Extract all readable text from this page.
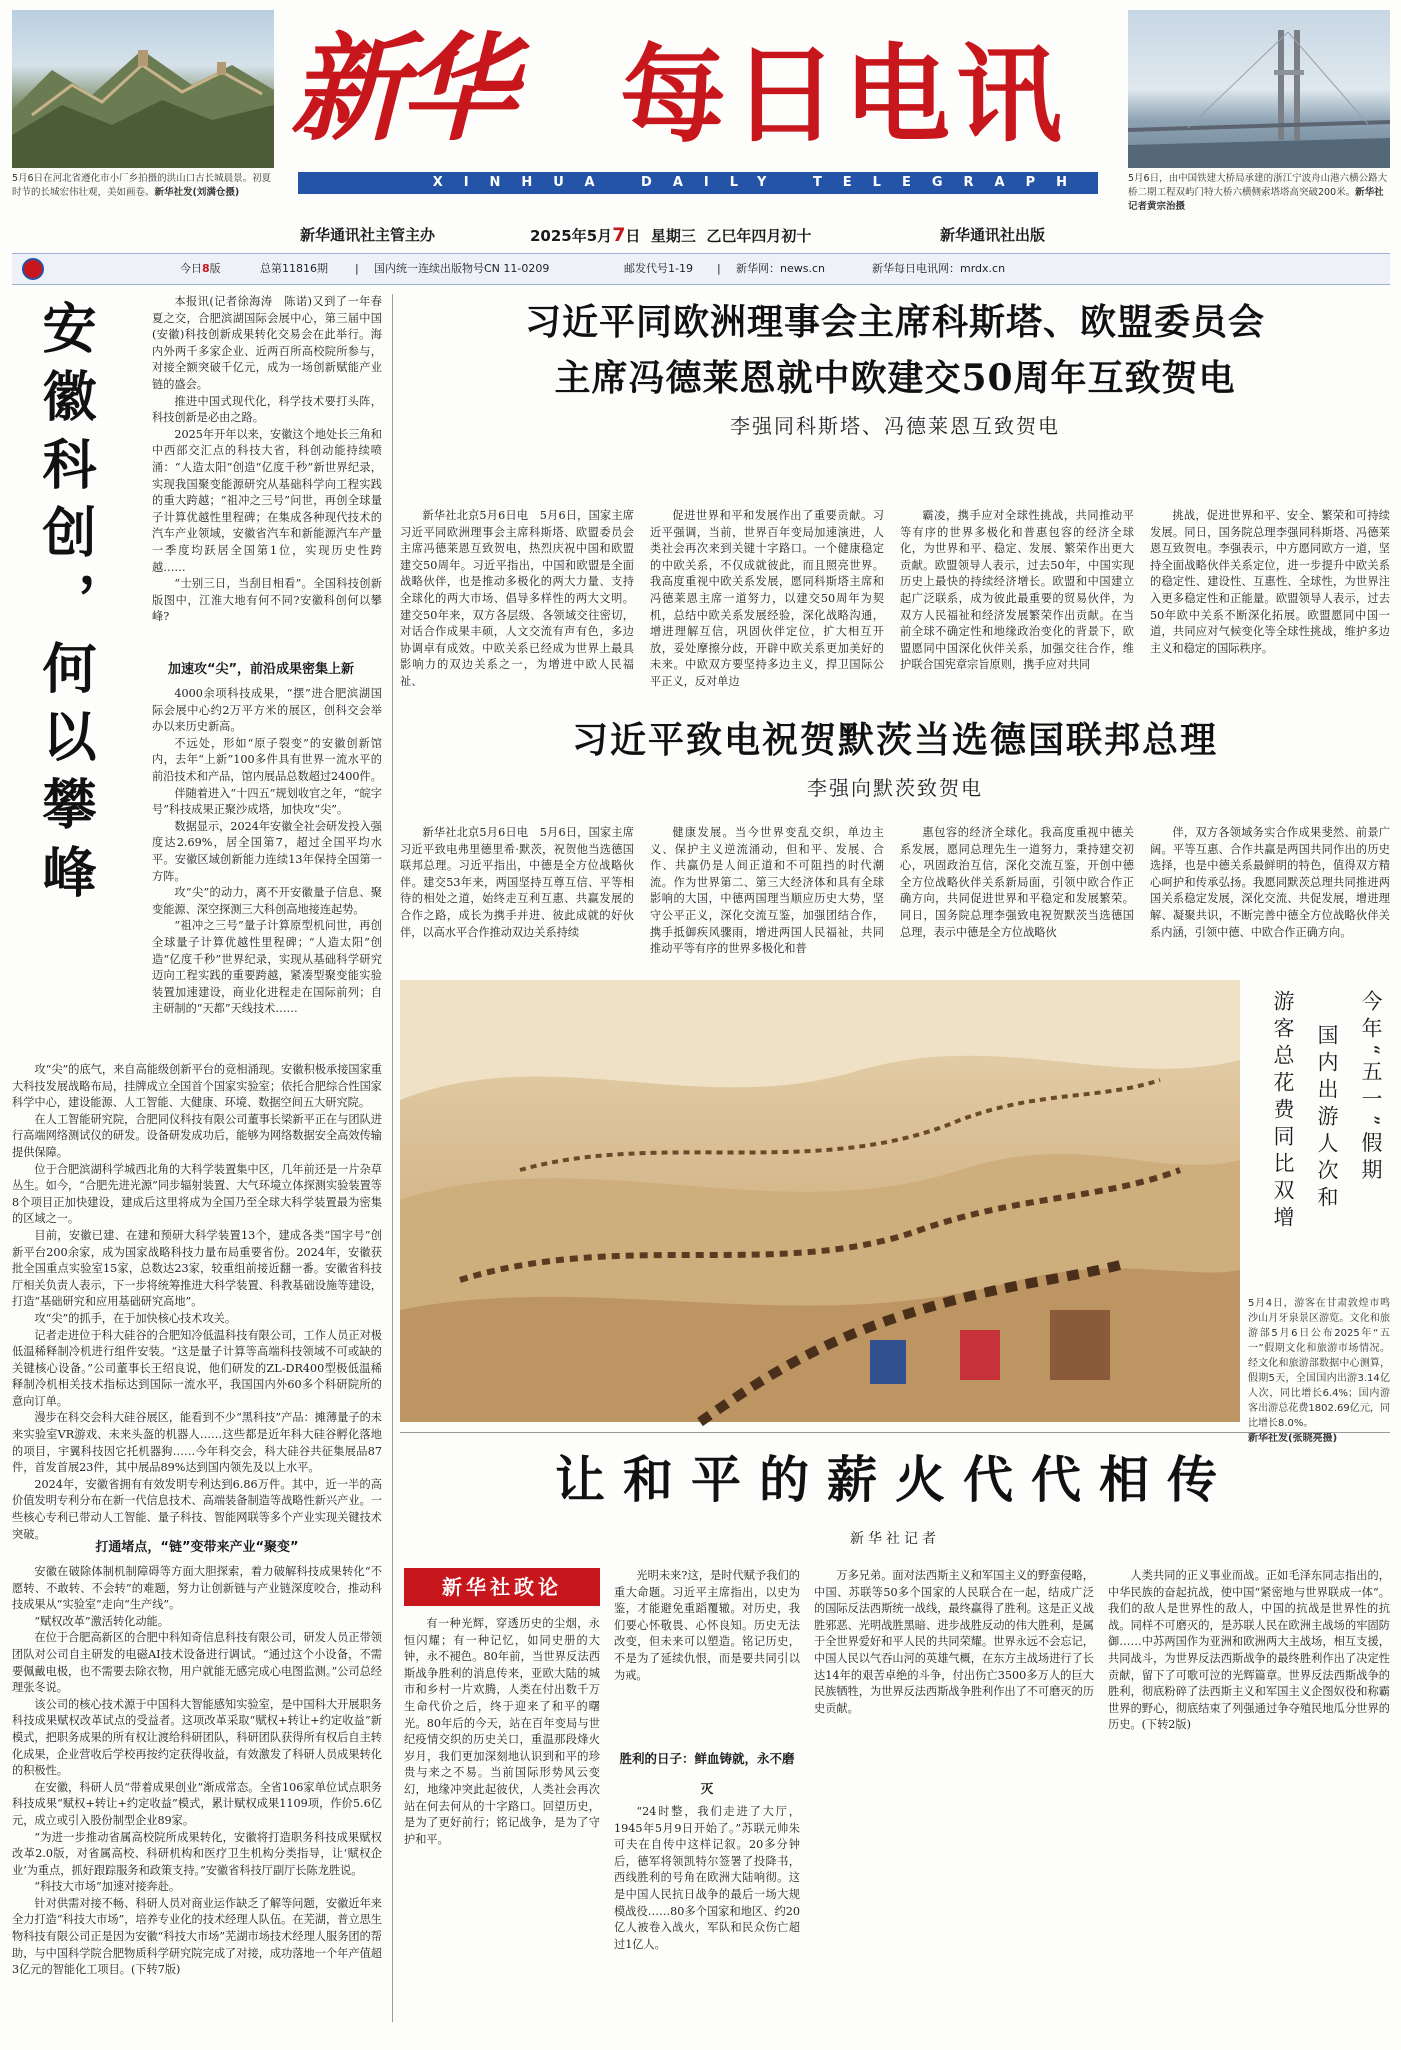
5月6日在河北省遵化市小厂乡拍摄的洪山口古长城晨景。初夏时节的长城宏伟壮观，美如画卷。新华社发(刘满仓摄)
新华 每日电讯
XINHUA DAILY TELEGRAPH	5月6日，由中国铁建大桥局承建的浙江宁波舟山港六横公路大桥二期工程双屿门特大桥六横侧索塔塔高突破200米。新华社记者黄宗治摄
新华通讯社主管主办	2025年5月7日 星期三 乙巳年四月初十	新华通讯社出版
今日8版	总第11816期 | 国内统一连续出版物号CN 11-0209	邮发代号1-19 | 新华网：news.cn	新华每日电讯网：mrdx.cn
安徽科创，何以攀峰	本报讯(记者徐海涛　陈诺)又到了一年春夏之交，合肥滨湖国际会展中心，第三届中国(安徽)科技创新成果转化交易会在此举行。海内外两千多家企业、近两百所高校院所参与，对接全额突破千亿元，成为一场创新赋能产业链的盛会。

推进中国式现代化，科学技术要打头阵，科技创新是必由之路。

2025年开年以来，安徽这个地处长三角和中西部交汇点的科技大省，科创动能持续喷涌：“人造太阳”创造“亿度千秒”新世界纪录，实现我国聚变能源研究从基础科学向工程实践的重大跨越；“祖冲之三号”问世，再创全球量子计算优越性里程碑；在集成各种现代技术的汽车产业领域，安徽省汽车和新能源汽车产量一季度均跃居全国第1位，实现历史性跨越……

“士别三日，当刮目相看”。全国科技创新版图中，江淮大地有何不同?安徽科创何以攀峰?

加速攻“尖”，前沿成果密集上新

4000余项科技成果，“摆”进合肥滨湖国际会展中心约2万平方米的展区，创科交会举办以来历史新高。

不远处，形如“原子裂变”的安徽创新馆内，去年“上新”100多件具有世界一流水平的前沿技术和产品，馆内展品总数超过2400件。

伴随着进入“十四五”规划收官之年，“皖字号”科技成果正聚沙成塔，加快攻“尖”。

数据显示，2024年安徽全社会研发投入强度达2.69%，居全国第7，超过全国平均水平。安徽区域创新能力连续13年保持全国第一方阵。

攻“尖”的动力，离不开安徽量子信息、聚变能源、深空探测三大科创高地接连起势。

“祖冲之三号”量子计算原型机问世，再创全球量子计算优越性里程碑；“人造太阳”创造“亿度千秒”世界纪录，实现从基础科学研究迈向工程实践的重要跨越，紧凑型聚变能实验装置加速建设，商业化进程走在国际前列；自主研制的“天都”天线技术……

攻“尖”的底气，来自高能级创新平台的竞相涌现。安徽积极承接国家重大科技发展战略布局，挂牌成立全国首个国家实验室；依托合肥综合性国家科学中心，建设能源、人工智能、大健康、环境、数据空间五大研究院。

在人工智能研究院，合肥同仪科技有限公司董事长梁新平正在与团队进行高端网络测试仪的研发。设备研发成功后，能够为网络数据安全高效传输提供保障。

位于合肥滨湖科学城西北角的大科学装置集中区，几年前还是一片杂草丛生。如今，“合肥先进光源”同步辐射装置、大气环境立体探测实验装置等8个项目正加快建设，建成后这里将成为全国乃至全球大科学装置最为密集的区域之一。

目前，安徽已建、在建和预研大科学装置13个，建成各类“国字号”创新平台200余家，成为国家战略科技力量布局重要省份。2024年，安徽获批全国重点实验室15家，总数达23家，较重组前接近翻一番。安徽省科技厅相关负责人表示，下一步将统筹推进大科学装置、科教基础设施等建设，打造“基础研究和应用基础研究高地”。

攻“尖”的抓手，在于加快核心技术攻关。

记者走进位于科大硅谷的合肥知冷低温科技有限公司，工作人员正对极低温稀释制冷机进行组件安装。“这是量子计算等高端科技领域不可或缺的关键核心设备。”公司董事长王绍良说，他们研发的ZL-DR400型极低温稀释制冷机相关技术指标达到国际一流水平，我国国内外60多个科研院所的意向订单。

漫步在科交会科大硅谷展区，能看到不少“黑科技”产品：摊薄量子的未来实验室VR游戏、未来头盔的机器人……这些都是近年科大硅谷孵化落地的项目，宇翼科技因它托机器狗……今年科交会，科大硅谷共征集展品87件，首发首展23件，其中展品89%达到国内领先及以上水平。

2024年，安徽省拥有有效发明专利达到6.86万件。其中，近一半的高价值发明专利分布在新一代信息技术、高端装备制造等战略性新兴产业。一些核心专利已带动人工智能、量子科技、智能网联等多个产业实现关键技术突破。

打通堵点，“链”变带来产业“聚变”

安徽在破除体制机制障碍等方面大胆探索，着力破解科技成果转化“不愿转、不敢转、不会转”的难题，努力让创新链与产业链深度咬合，推动科技成果从“实验室”走向“生产线”。

“赋权改革”激活转化动能。

在位于合肥高新区的合肥中科知奇信息科技有限公司，研发人员正带领团队对公司自主研发的电磁AI技术设备进行调试。“通过这个小设备，不需要佩戴电极，也不需要去除衣物，用户就能无感完成心电图监测。”公司总经理张冬说。

该公司的核心技术源于中国科大智能感知实验室，是中国科大开展职务科技成果赋权改革试点的受益者。这项改革采取“赋权+转让+约定收益”新模式，把职务成果的所有权让渡给科研团队，科研团队获得所有权后自主转化成果，企业营收后学校再按约定获得收益，有效激发了科研人员成果转化的积极性。

在安徽，科研人员“带着成果创业”渐成常态。全省106家单位试点职务科技成果“赋权+转让+约定收益”模式，累计赋权成果1109项，作价5.6亿元，成立或引入股份制型企业89家。

“为进一步推动省属高校院所成果转化，安徽将打造职务科技成果赋权改革2.0版，对省属高校、科研机构和医疗卫生机构分类指导，让‘赋权企业’为重点，抓好跟踪服务和政策支持。”安徽省科技厅副厅长陈龙胜说。

“科技大市场”加速对接奔赴。

针对供需对接不畅、科研人员对商业运作缺乏了解等问题，安徽近年来全力打造“科技大市场”，培养专业化的技术经理人队伍。在芜湖，普立思生物科技有限公司正是因为安徽“科技大市场”芜湖市场技术经理人服务团的帮助，与中国科学院合肥物质科学研究院完成了对接，成功落地一个年产值超3亿元的智能化工项目。(下转7版)

习近平同欧洲理事会主席科斯塔、欧盟委员会
主席冯德莱恩就中欧建交50周年互致贺电
李强同科斯塔、冯德莱恩互致贺电
新华社北京5月6日电　5月6日，国家主席习近平同欧洲理事会主席科斯塔、欧盟委员会主席冯德莱恩互致贺电，热烈庆祝中国和欧盟建交50周年。习近平指出，中国和欧盟是全面战略伙伴，也是推动多极化的两大力量、支持全球化的两大市场、倡导多样性的两大文明。建交50年来，双方各层级、各领域交往密切，对话合作成果丰硕，人文交流有声有色，多边协调卓有成效。中欧关系已经成为世界上最具影响力的双边关系之一，为增进中欧人民福祉、
促进世界和平和发展作出了重要贡献。习近平强调，当前，世界百年变局加速演进，人类社会再次来到关键十字路口。一个健康稳定的中欧关系，不仅成就彼此，而且照亮世界。我高度重视中欧关系发展，愿同科斯塔主席和冯德莱恩主席一道努力，以建交50周年为契机，总结中欧关系发展经验，深化战略沟通，增进理解互信，巩固伙伴定位，扩大相互开放，妥处摩擦分歧，开辟中欧关系更加美好的未来。中欧双方要坚持多边主义，捍卫国际公平正义，反对单边
霸凌，携手应对全球性挑战，共同推动平等有序的世界多极化和普惠包容的经济全球化，为世界和平、稳定、发展、繁荣作出更大贡献。欧盟领导人表示，过去50年，中国实现历史上最快的持续经济增长。欧盟和中国建立起广泛联系，成为彼此最重要的贸易伙伴，为双方人民福祉和经济发展繁荣作出贡献。在当前全球不确定性和地缘政治变化的背景下，欧盟愿同中国深化伙伴关系，加强交往合作，维护联合国宪章宗旨原则，携手应对共同
挑战，促进世界和平、安全、繁荣和可持续发展。同日，国务院总理李强同科斯塔、冯德莱恩互致贺电。李强表示，中方愿同欧方一道，坚持全面战略伙伴关系定位，进一步提升中欧关系的稳定性、建设性、互惠性、全球性，为世界注入更多稳定性和正能量。欧盟领导人表示，过去50年欧中关系不断深化拓展。欧盟愿同中国一道，共同应对气候变化等全球性挑战，维护多边主义和稳定的国际秩序。
习近平致电祝贺默茨当选德国联邦总理
李强向默茨致贺电
新华社北京5月6日电　5月6日，国家主席习近平致电弗里德里希·默茨，祝贺他当选德国联邦总理。习近平指出，中德是全方位战略伙伴。建交53年来，两国坚持互尊互信、平等相待的相处之道，始终走互利互惠、共赢发展的合作之路，成长为携手并进、彼此成就的好伙伴，以高水平合作推动双边关系持续
健康发展。当今世界变乱交织，单边主义、保护主义逆流涌动，但和平、发展、合作、共赢仍是人间正道和不可阻挡的时代潮流。作为世界第二、第三大经济体和具有全球影响的大国，中德两国理当顺应历史大势，坚守公平正义，深化交流互鉴，加强团结合作，携手抵御疾风骤雨，增进两国人民福祉，共同推动平等有序的世界多极化和普
惠包容的经济全球化。我高度重视中德关系发展，愿同总理先生一道努力，秉持建交初心，巩固政治互信，深化交流互鉴，开创中德全方位战略伙伴关系新局面，引领中欧合作正确方向，共同促进世界和平稳定和发展繁荣。同日，国务院总理李强致电祝贺默茨当选德国总理，表示中德是全方位战略伙
伴，双方各领域务实合作成果斐然、前景广阔。平等互惠、合作共赢是两国共同作出的历史选择，也是中德关系最鲜明的特色，值得双方精心呵护和传承弘扬。我愿同默茨总理共同推进两国关系稳定发展，深化交流、共促发展，增进理解、凝聚共识，不断完善中德全方位战略伙伴关系内涵，引领中德、中欧合作正确方向。
今年“五一”假期
国内出游人次和
游客总花费同比双增
5月4日，游客在甘肃敦煌市鸣沙山月牙泉景区游览。文化和旅游部5月6日公布2025年“五一”假期文化和旅游市场情况。经文化和旅游部数据中心测算，假期5天，全国国内出游3.14亿人次，同比增长6.4%；国内游客出游总花费1802.69亿元，同比增长8.0%。
新华社发(张晓亮摄)
让和平的薪火代代相传
新华社记者
新华社政论
有一种光辉，穿透历史的尘烟，永恒闪耀；有一种记忆，如同史册的大钟，永不褪色。80年前，当世界反法西斯战争胜利的消息传来，亚欧大陆的城市和乡村一片欢腾，人类在付出数千万生命代价之后，终于迎来了和平的曙光。80年后的今天，站在百年变局与世纪疫情交织的历史关口，重温那段烽火岁月，我们更加深刻地认识到和平的珍贵与来之不易。当前国际形势风云变幻，地缘冲突此起彼伏，人类社会再次站在何去何从的十字路口。回望历史，是为了更好前行；铭记战争，是为了守护和平。
光明未来?这，是时代赋予我们的重大命题。习近平主席指出，以史为鉴，才能避免重蹈覆辙。对历史，我们要心怀敬畏、心怀良知。历史无法改变，但未来可以塑造。铭记历史，不是为了延续仇恨，而是要共同引以为戒。
胜利的日子：鲜血铸就，永不磨灭
“24时整，我们走进了大厅，1945年5月9日开始了。”苏联元帅朱可夫在自传中这样记叙。20多分钟后，德军将领凯特尔签署了投降书，西线胜利的号角在欧洲大陆响彻。这是中国人民抗日战争的最后一场大规模战役……80多个国家和地区、约20亿人被卷入战火，军队和民众伤亡超过1亿人。
万多兄弟。面对法西斯主义和军国主义的野蛮侵略，中国、苏联等50多个国家的人民联合在一起，结成广泛的国际反法西斯统一战线，最终赢得了胜利。这是正义战胜邪恶、光明战胜黑暗、进步战胜反动的伟大胜利，是属于全世界爱好和平人民的共同荣耀。世界永远不会忘记，中国人民以气吞山河的英雄气概，在东方主战场进行了长达14年的艰苦卓绝的斗争，付出伤亡3500多万人的巨大民族牺牲，为世界反法西斯战争胜利作出了不可磨灭的历史贡献。
人类共同的正义事业而战。正如毛泽东同志指出的，中华民族的奋起抗战，使中国“紧密地与世界联成一体”。我们的敌人是世界性的敌人，中国的抗战是世界性的抗战。同样不可磨灭的，是苏联人民在欧洲主战场的牢固防御……中苏两国作为亚洲和欧洲两大主战场，相互支援，共同战斗，为世界反法西斯战争的最终胜利作出了决定性贡献，留下了可歌可泣的光辉篇章。世界反法西斯战争的胜利，彻底粉碎了法西斯主义和军国主义企图奴役和称霸世界的野心，彻底结束了列强通过争夺殖民地瓜分世界的历史。(下转2版)
